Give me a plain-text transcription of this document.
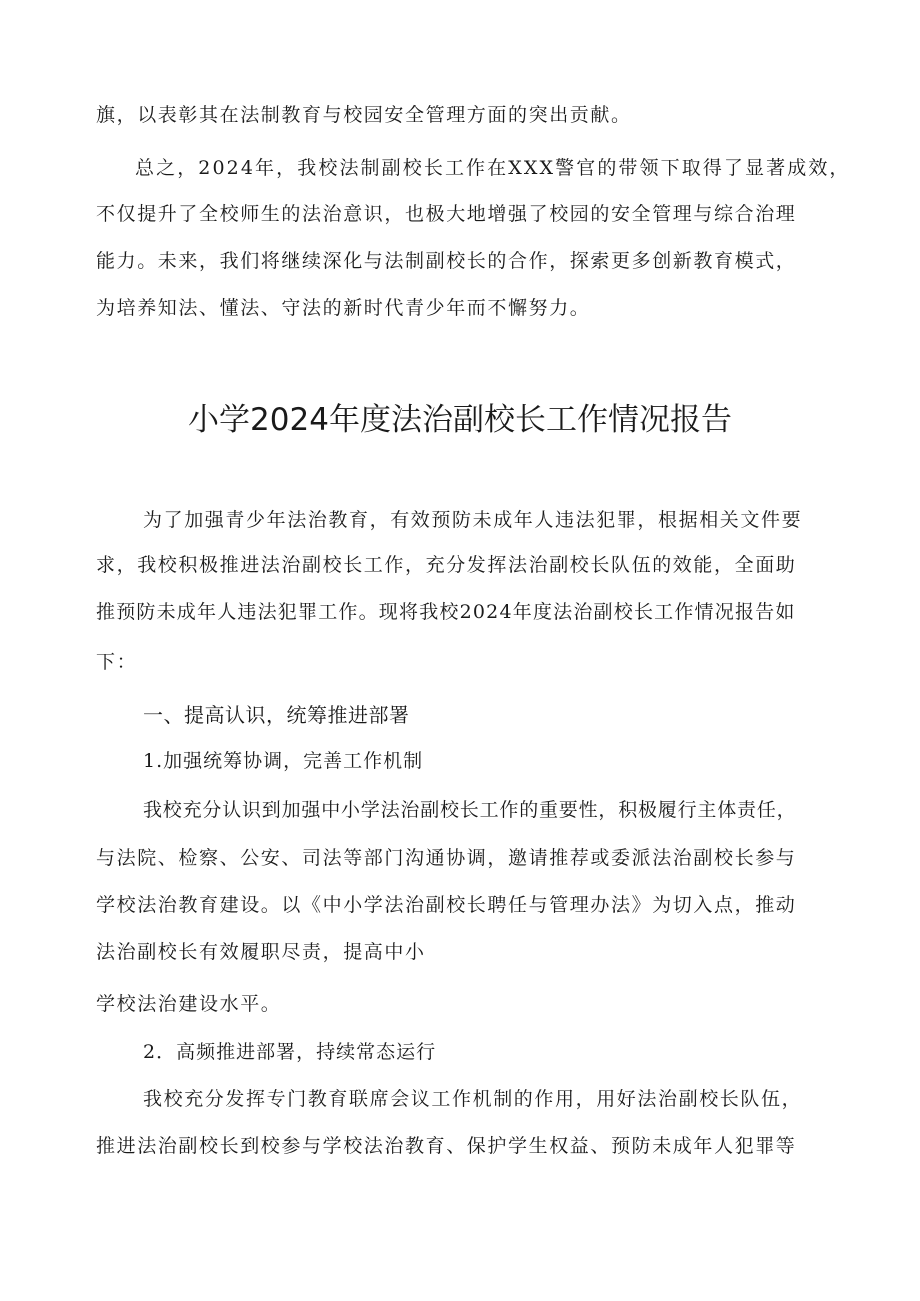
旗，以表彰其在法制教育与校园安全管理方面的突出贡献。

总之，2024年，我校法制副校长工作在XXX警官的带领下取得了显著成效，

不仅提升了全校师生的法治意识，也极大地增强了校园的安全管理与综合治理

能力。未来，我们将继续深化与法制副校长的合作，探索更多创新教育模式，

为培养知法、懂法、守法的新时代青少年而不懈努力。

小学2024年度法治副校长工作情况报告

为了加强青少年法治教育，有效预防未成年人违法犯罪，根据相关文件要

求，我校积极推进法治副校长工作，充分发挥法治副校长队伍的效能，全面助

推预防未成年人违法犯罪工作。现将我校2024年度法治副校长工作情况报告如

下：

一、提高认识，统筹推进部署

1.加强统筹协调，完善工作机制

我校充分认识到加强中小学法治副校长工作的重要性，积极履行主体责任，

与法院、检察、公安、司法等部门沟通协调，邀请推荐或委派法治副校长参与

学校法治教育建设。以《中小学法治副校长聘任与管理办法》为切入点，推动

法治副校长有效履职尽责，提高中小

学校法治建设水平。

2．高频推进部署，持续常态运行

我校充分发挥专门教育联席会议工作机制的作用，用好法治副校长队伍，

推进法治副校长到校参与学校法治教育、保护学生权益、预防未成年人犯罪等
